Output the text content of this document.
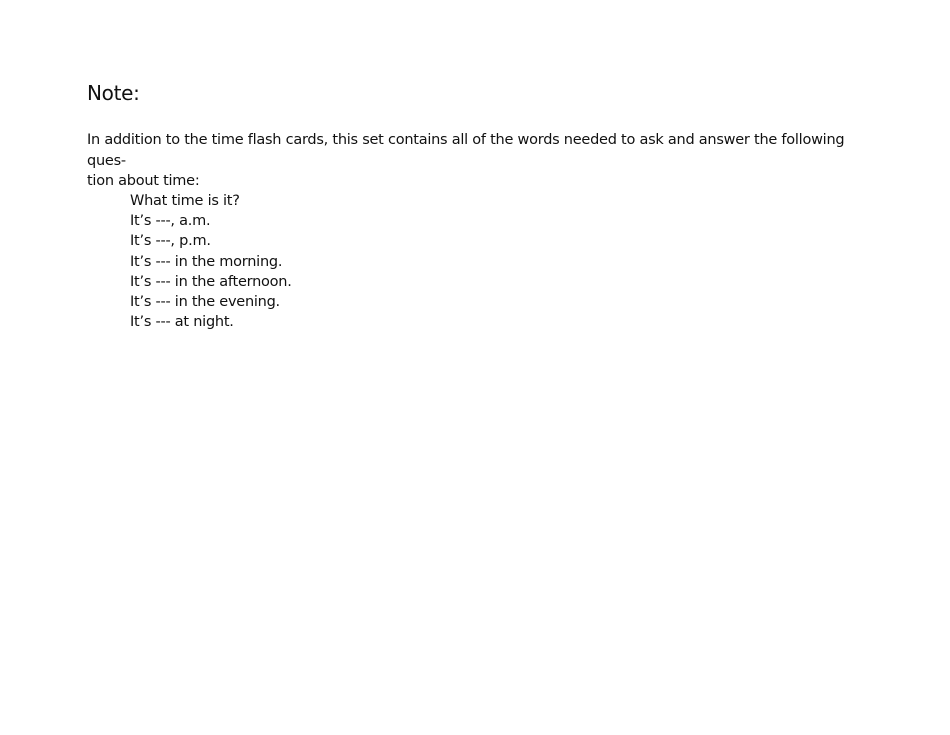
Note:

In addition to the time flash cards, this set contains all of the words needed to ask and answer the following ques-
tion about time:

What time is it?
It’s ---, a.m.
It’s ---, p.m.
It’s --- in the morning.
It’s --- in the afternoon.
It’s --- in the evening.
It’s --- at night.
